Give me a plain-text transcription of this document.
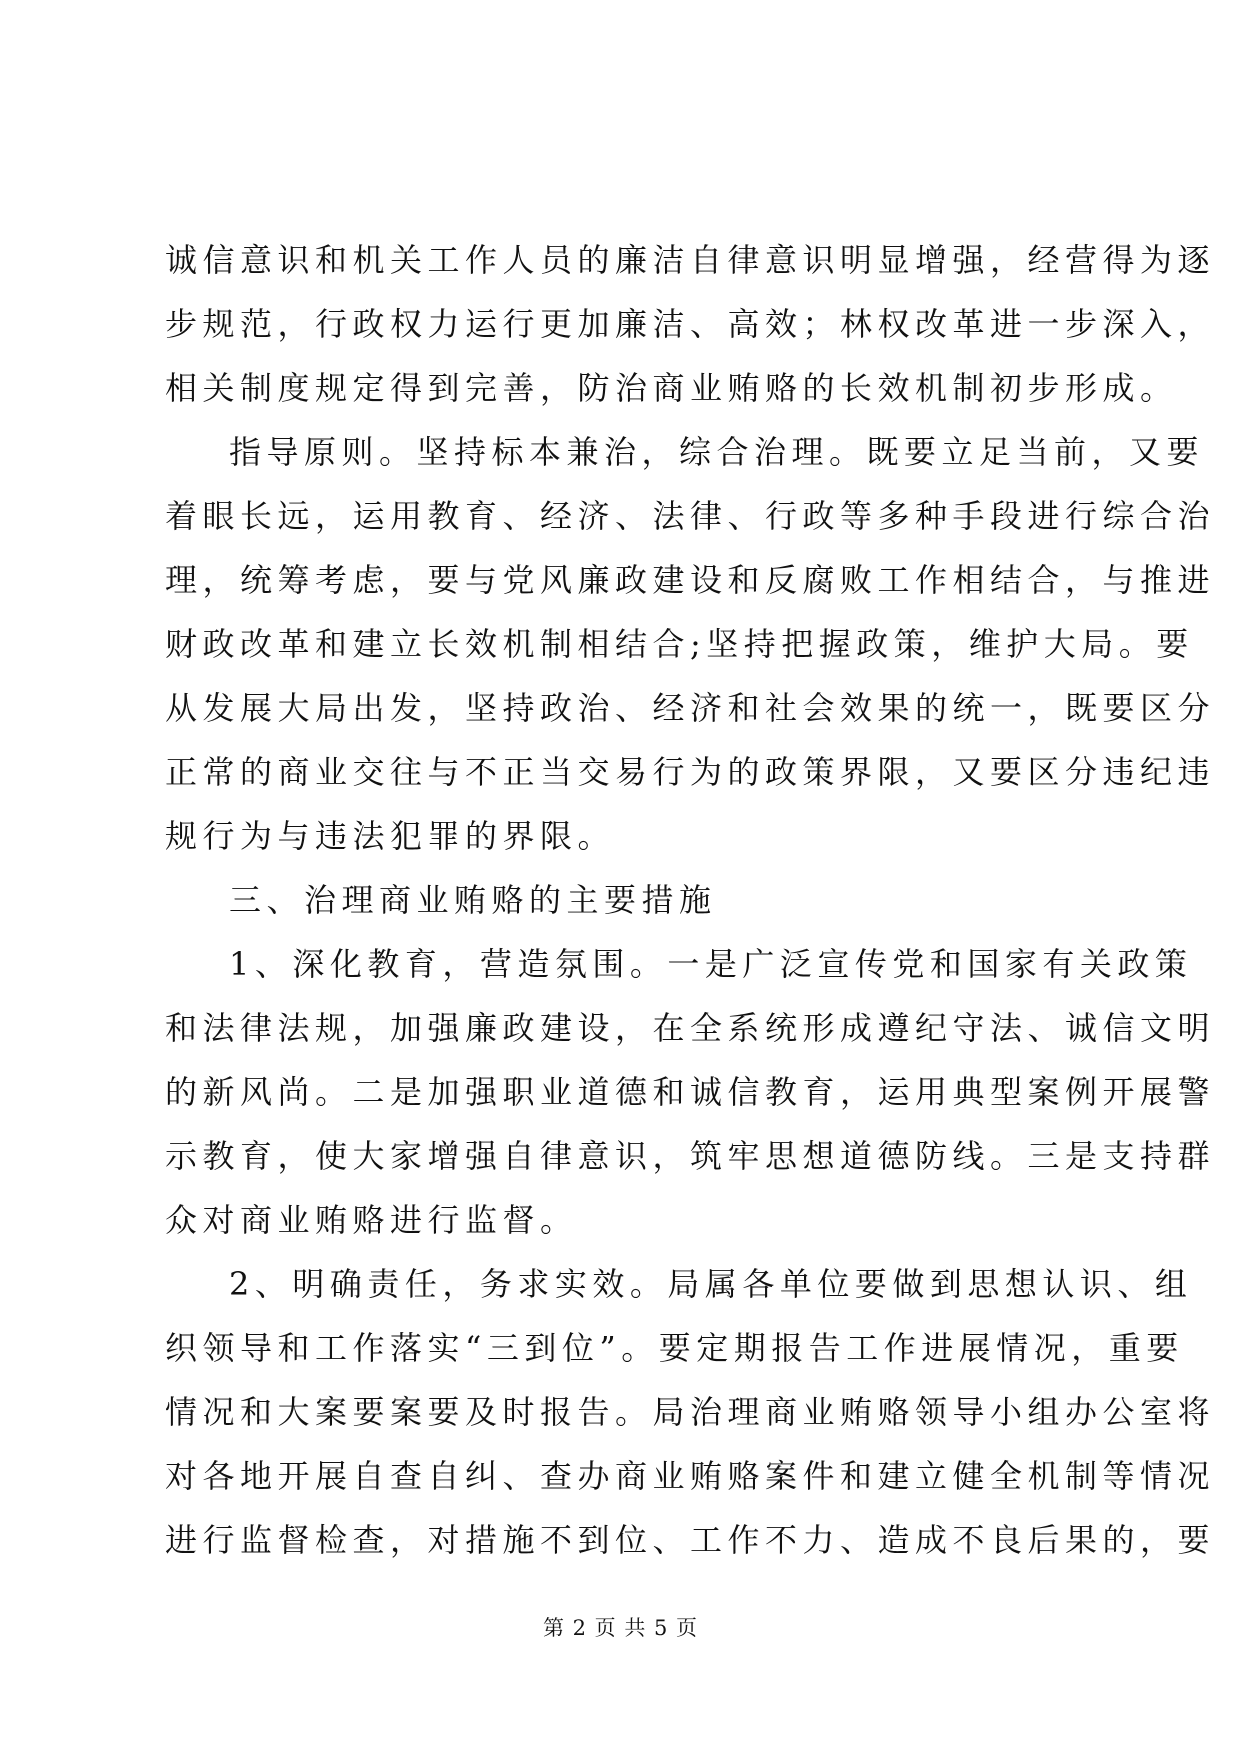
诚信意识和机关工作人员的廉洁自律意识明显增强，经营得为逐
步规范，行政权力运行更加廉洁、高效；林权改革进一步深入，
相关制度规定得到完善，防治商业贿赂的长效机制初步形成。
指导原则。坚持标本兼治，综合治理。既要立足当前，又要
着眼长远，运用教育、经济、法律、行政等多种手段进行综合治
理，统筹考虑，要与党风廉政建设和反腐败工作相结合，与推进
财政改革和建立长效机制相结合;坚持把握政策，维护大局。要
从发展大局出发，坚持政治、经济和社会效果的统一，既要区分
正常的商业交往与不正当交易行为的政策界限，又要区分违纪违
规行为与违法犯罪的界限。
三、治理商业贿赂的主要措施
1、深化教育，营造氛围。一是广泛宣传党和国家有关政策
和法律法规，加强廉政建设，在全系统形成遵纪守法、诚信文明
的新风尚。二是加强职业道德和诚信教育，运用典型案例开展警
示教育，使大家增强自律意识，筑牢思想道德防线。三是支持群
众对商业贿赂进行监督。
2、明确责任，务求实效。局属各单位要做到思想认识、组
织领导和工作落实“三到位”。要定期报告工作进展情况，重要
情况和大案要案要及时报告。局治理商业贿赂领导小组办公室将
对各地开展自查自纠、查办商业贿赂案件和建立健全机制等情况
进行监督检查，对措施不到位、工作不力、造成不良后果的，要
第 2 页 共 5 页
